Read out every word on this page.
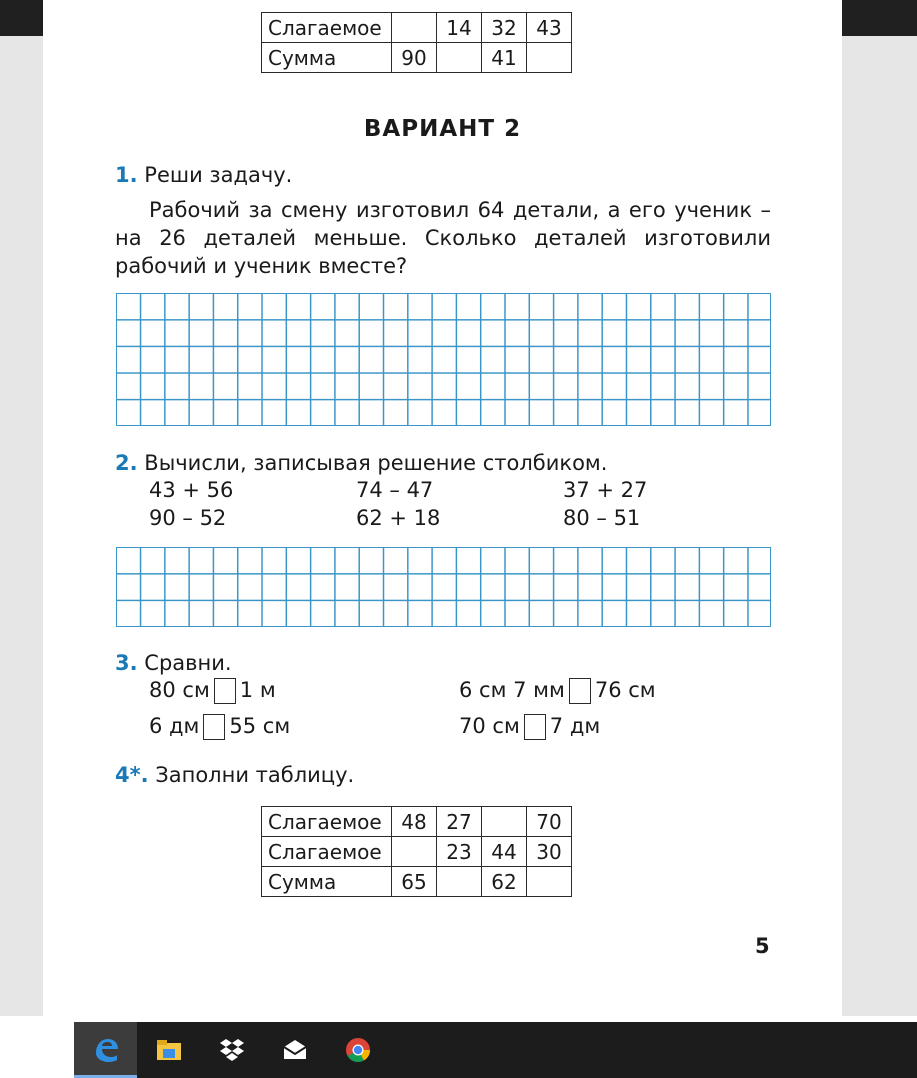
Слагаемое		14	32	43
Сумма	90		41	
ВАРИАНТ 2
1. Реши задачу.
Рабочий за смену изготовил 64 детали, а его ученик – на 26 деталей меньше. Сколько деталей изготовили рабочий и ученик вместе?
2. Вычисли, записывая решение столбиком.
43 + 56	74 – 47	37 + 27
90 – 52	62 + 18	80 – 51
3. Сравни.
80 см 1 м	6 см 7 мм 76 см
6 дм 55 см	70 см 7 дм
4*. Заполни таблицу.
Слагаемое	48	27		70
Слагаемое		23	44	30
Сумма	65		62	
5
